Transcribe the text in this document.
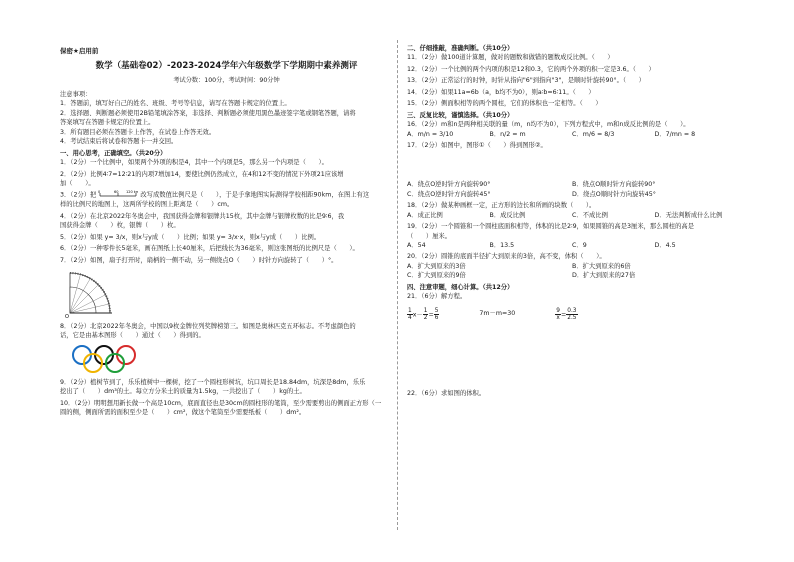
保密★启用前
数学（基础卷02）-2023-2024学年六年级数学下学期期中素养测评
考试分数：100分，考试时间：90分钟
注意事项：
1．答题前，填写好自己的姓名、班级、考号等信息，请写在答题卡规定的位置上。
2．选择题、判断题必须使用2B铅笔填涂答案，非选择、判断题必须使用黑色墨迹签字笔或钢笔答题，请将
答案填写在答题卡规定的位置上。
3．所有题目必须在答题卡上作答，在试卷上作答无效。
4．考试结束后将试卷和答题卡一并交回。
一、用心思考，正确填空。（共20分）
1．（2分）一个比例中，如果两个外项的积是4，其中一个内项是5，那么另一个内项是（　　）。
2．（2分）比例4∶7=12∶21的内项7增加14，要使比例仍然成立，在4和12不变的情况下外项21应该增
加（　　）。
3．（2分）把 0	60 120 km 改写成数值比例尺是（　　），于是手拿地图实际测得学校相距90km，在图上有这
样的比例尺的地图上，这两所学校的图上距离是（　　）cm。
4．（2分）在北京2022年冬奥会中，我国获得金牌和银牌共15枚，其中金牌与银牌枚数的比是9∶6，我
国获得金牌（　　）枚，银牌（　　）枚。
5．（2分）如果 y= 3/x，则x与y成（　　）比例；如果 y= 3/x·x，则x与y成（　　）比例。
6．（2分）一种零件长5毫米，画在图纸上长40厘米，后把线长为36毫米，则这张图纸的比例尺是（　　）。
7．（2分）如图，扇子打开时，扇柄的一侧不动，另一侧绕点O（　　）时针方向旋转了（　　）°。
O
8．（2分）北京2022年冬奥会，中国以9枚金牌位列奖牌榜第三。如图是奥林匹克五环标志。不考虑颜色的
话，它是由基本图形（　　）通过（　　）得到的。
9．（2分）植树节到了，乐乐植树中一棵树，挖了一个圆柱形树坑，坑口周长是18.84dm，坑深是8dm，乐乐
挖出了（　　）dm³的土。每立方分米土的质量为1.5kg，一共挖出了（　　）kg的土。
10．（2分）明明想用新长做一个高是10cm，底面直径也是30cm的圆柱形的笔筒，至少需要剪出的侧面正方形（一
圆的侧，侧面所需的面积至少是（　　）cm²，做这个笔筒至少需要纸板（　　）dm²。
二、仔细推敲，准确判断。（共10分）
11．（2分）做100道计算题，做对的题数和做错的题数成反比例。（　　）
12．（2分）一个比例的两个内项的积是12和0.3，它的两个外项的积一定是3.6。（　　）
13．（2分）正常运行的时钟，时针从指向"6"到指向"3"，是顺时针旋转90°。（　　）
14．（2分）如果11a=6b（a，b均不为0），则a∶b=6∶11。（　　）
15．（2分）侧面积相等的两个圆柱，它们的体积也一定相等。（　　）
三、反复比较，谨慎选择。（共10分）
16．（2分）m和n是两种相关联的量（m，n均不为0），下列方程式中，m和n成反比例的是（　　）。
A．m/n = 3/10	B．n/2 = m	C．m/6 = 8/3	D．7/mn = 8
17．（2分）如图中，图形①（　　）得到图形②。
A．绕点O逆时针方向旋转90°	B．绕点O顺时针方向旋转90°
C．绕点O逆时针方向旋转45°	D．绕点O顺时针方向旋转45°
18．（2分）做某种画框一定，正方形的边长和所画的块数（　　）。
A．成正比例	B．成反比例	C．不成比例	D．无法判断成什么比例
19．（2分）一个圆锥和一个圆柱底面积相等，体积的比是2∶9，如果圆锥的高是3厘米，那么圆柱的高是
（　　）厘米。
A．54	B．13.5	C．9	D．4.5
20．（2分）圆锥的底面半径扩大到原来的3倍，高不变，体积（　　）。
A．扩大到原来的3倍	B．扩大到原来的6倍
C．扩大到原来的9倍	D．扩大到原来的27倍
四、注意审题，细心计算。（共12分）
21．（6分）解方程。
$\frac{1}{4} x- \frac{1}{2} = \frac{5}{6}$	7m－m=30	$\frac{9}{x} = \frac{0.3}{2.5}$
22．（6分）求如图的体积。
